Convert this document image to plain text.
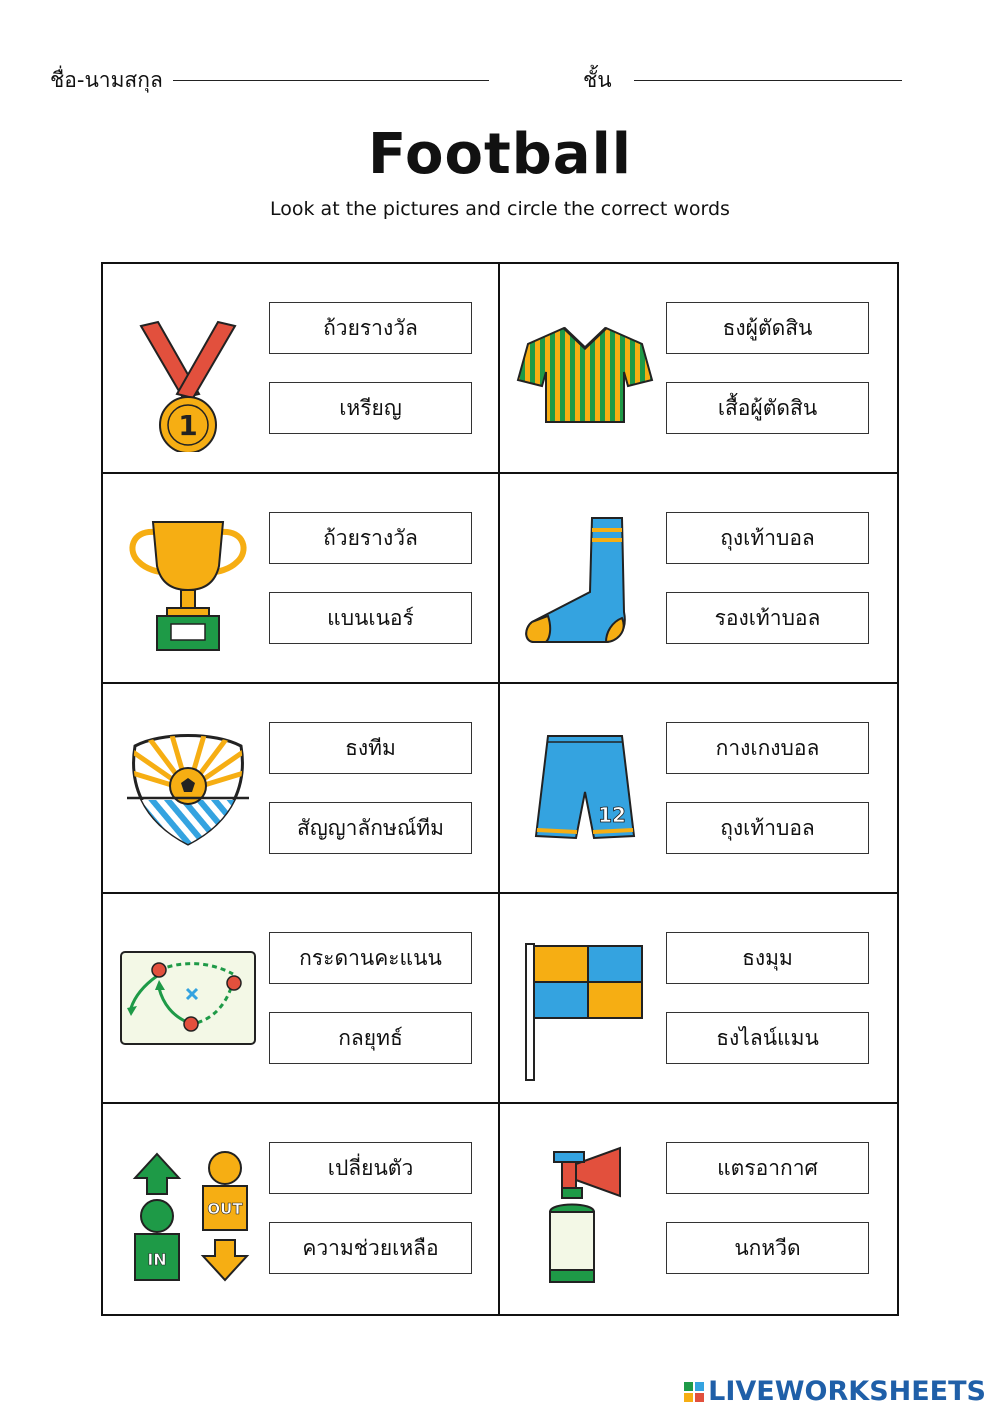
ชื่อ-นามสกุล	ชั้น
Football
Look at the pictures and circle the correct words
1
ถ้วยรางวัล
เหรียญ
ธงผู้ตัดสิน
เสื้อผู้ตัดสิน
ถ้วยรางวัล
แบนเนอร์
ถุงเท้าบอล
รองเท้าบอล
ธงทีม
สัญญาลักษณ์ทีม
12
กางเกงบอล
ถุงเท้าบอล
กระดานคะแนน
กลยุทธ์
ธงมุม
ธงไลน์แมน
IN
OUT
เปลี่ยนตัว
ความช่วยเหลือ
แตรอากาศ
นกหวีด
LIVEWORKSHEETS
